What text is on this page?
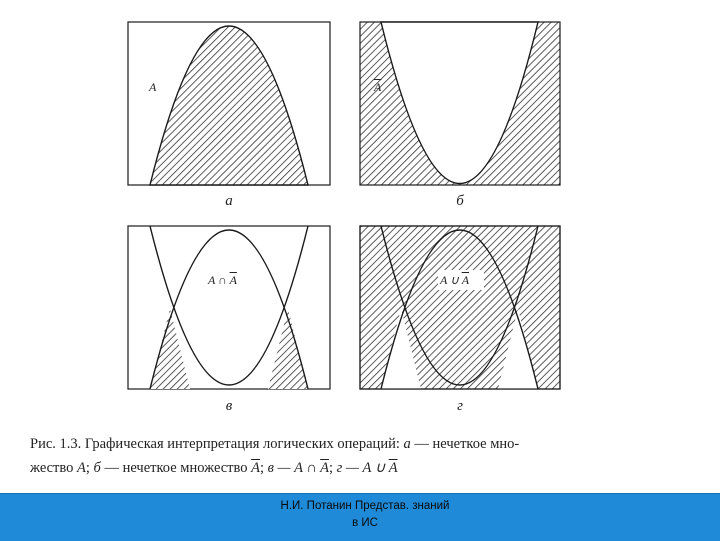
A	$\overline{A}$
A ∩ $\overline{A}$	A ∪ $\overline{A}$
а	б
в	г
Рис. 1.3. Графическая интерпретация логических операций: а — нечеткое мно-
жество A; б — нечеткое множество $\overline{A}$; в — A ∩ $\overline{A}$; г — A ∪ $\overline{A}$
Н.И. Потанин Представ. знаний
в ИС
